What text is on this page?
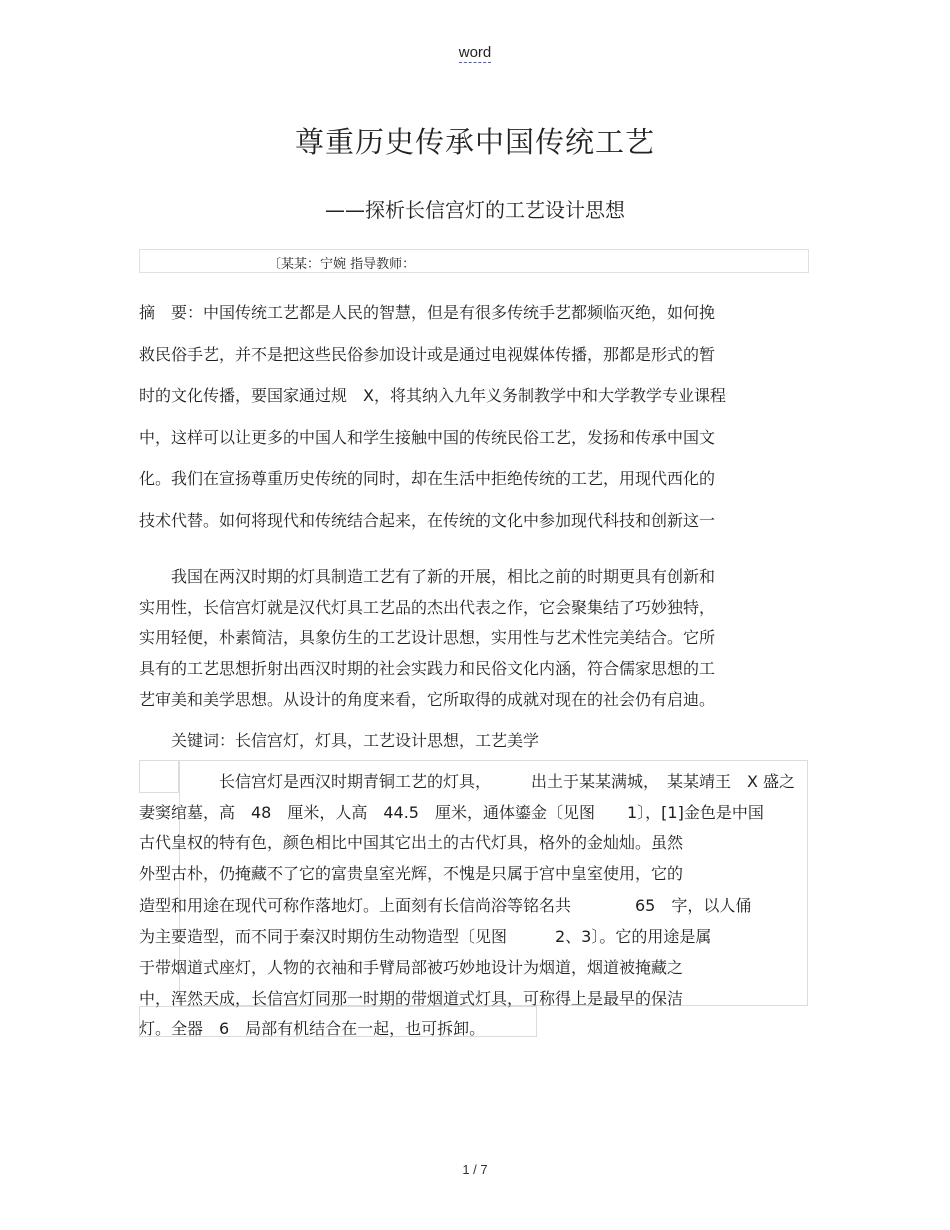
word
尊重历史传承中国传统工艺
——探析长信宫灯的工艺设计思想
〔某某：宁婉 指导教师：
摘　要：中国传统工艺都是人民的智慧，但是有很多传统手艺都频临灭绝，如何挽
救民俗手艺，并不是把这些民俗参加设计或是通过电视媒体传播，那都是形式的暂
时的文化传播，要国家通过规　X，将其纳入九年义务制教学中和大学教学专业课程
中，这样可以让更多的中国人和学生接触中国的传统民俗工艺，发扬和传承中国文
化。我们在宣扬尊重历史传统的同时，却在生活中拒绝传统的工艺，用现代西化的
技术代替。如何将现代和传统结合起来，在传统的文化中参加现代科技和创新这一
　　我国在两汉时期的灯具制造工艺有了新的开展，相比之前的时期更具有创新和
实用性，长信宫灯就是汉代灯具工艺品的杰出代表之作，它会聚集结了巧妙独特，
实用轻便，朴素简洁，具象仿生的工艺设计思想，实用性与艺术性完美结合。它所
具有的工艺思想折射出西汉时期的社会实践力和民俗文化内涵，符合儒家思想的工
艺审美和美学思想。从设计的角度来看，它所取得的成就对现在的社会仍有启迪。
　　关键词：长信宫灯，灯具，工艺设计思想，工艺美学
　　　　　长信宫灯是西汉时期青铜工艺的灯具，　　　出土于某某满城，　某某靖王　X 盛之
妻窦绾墓，高　48　厘米，人高　44.5　厘米，通体鎏金〔见图　　1〕，[1]金色是中国
古代皇权的特有色，颜色相比中国其它出土的古代灯具，格外的金灿灿。虽然
外型古朴，仍掩藏不了它的富贵皇室光辉，不愧是只属于宫中皇室使用，它的
造型和用途在现代可称作落地灯。上面刻有长信尚浴等铭名共　　　　65　字，以人俑
为主要造型，而不同于秦汉时期仿生动物造型〔见图　　　2、3〕。它的用途是属
于带烟道式座灯，人物的衣袖和手臂局部被巧妙地设计为烟道，烟道被掩藏之
中，浑然天成，长信宫灯同那一时期的带烟道式灯具，可称得上是最早的保洁
灯。全器　6　局部有机结合在一起，也可拆卸。
1 / 7
